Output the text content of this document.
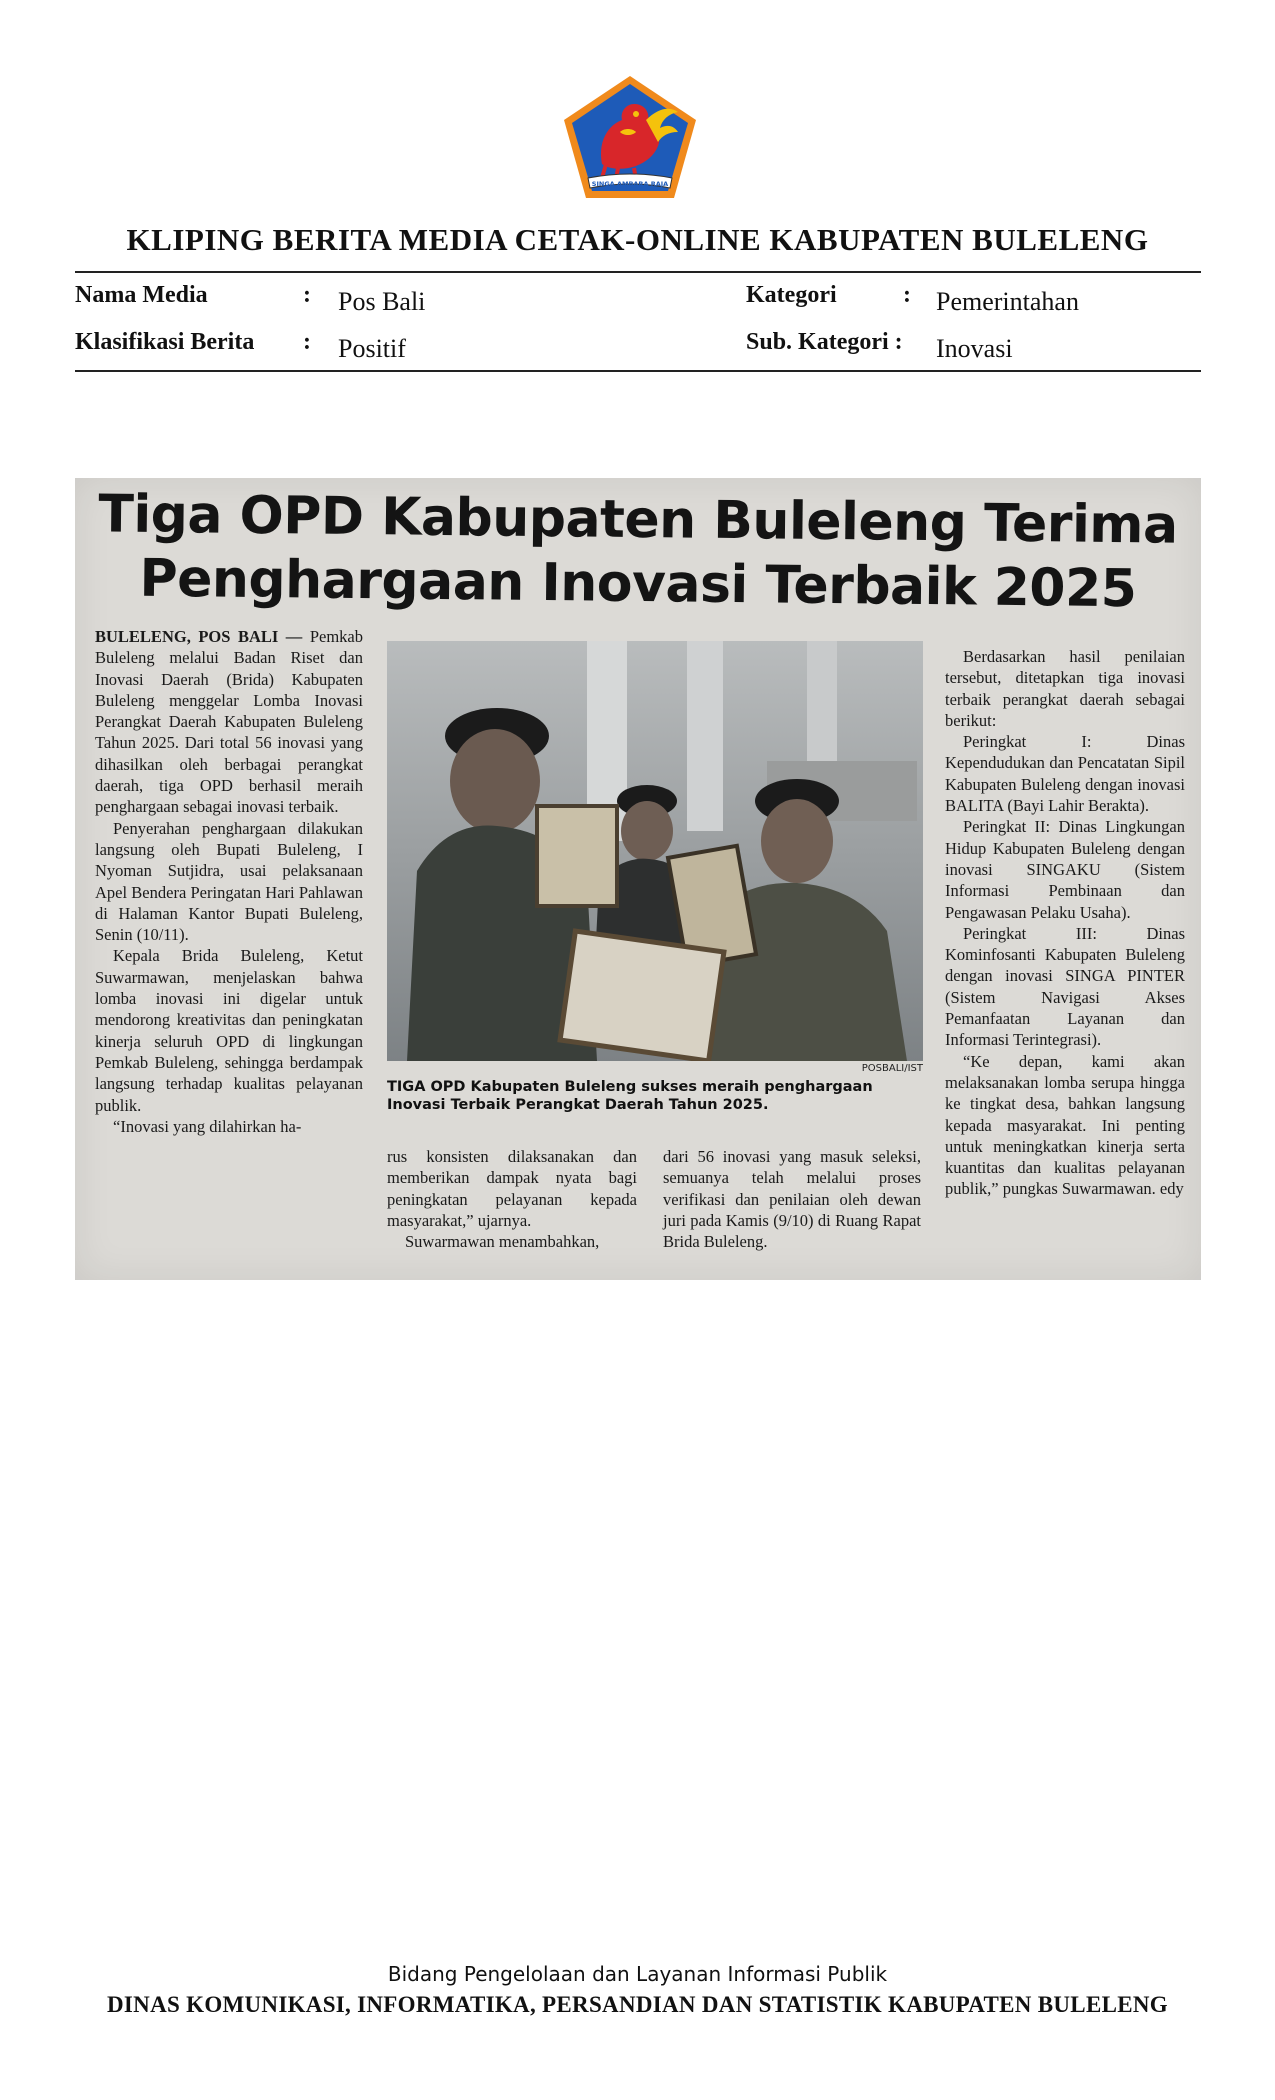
SINGA AMBARA RAJA
KLIPING BERITA MEDIA CETAK-ONLINE KABUPATEN BULELENG
Nama Media	: Pos Bali
Klasifikasi Berita : Positif
Kategori	: Pemerintahan
Sub. Kategori : Inovasi
Tiga OPD Kabupaten Buleleng Terima
Penghargaan Inovasi Terbaik 2025

BULELENG, POS BALI — Pemkab Buleleng melalui Badan Riset dan Inovasi Daerah (Brida) Kabupaten Buleleng menggelar Lomba Inovasi Perangkat Daerah Kabupaten Buleleng Tahun 2025. Dari total 56 inovasi yang dihasilkan oleh berbagai perangkat daerah, tiga OPD berhasil meraih penghargaan sebagai inovasi terbaik.

Penyerahan penghargaan dilakukan langsung oleh Bupati Buleleng, I Nyoman Sutjidra, usai pelaksanaan Apel Bendera Peringatan Hari Pahlawan di Halaman Kantor Bupati Buleleng, Senin (10/11).

Kepala Brida Buleleng, Ketut Suwarmawan, menjelaskan bahwa lomba inovasi ini digelar untuk mendorong kreativitas dan peningkatan kinerja seluruh OPD di lingkungan Pemkab Buleleng, sehingga berdampak langsung terhadap kualitas pelayanan publik.

“Inovasi yang dilahirkan ha-

POSBALI/IST
TIGA OPD Kabupaten Buleleng sukses meraih penghargaan Inovasi Terbaik Perangkat Daerah Tahun 2025.

rus konsisten dilaksanakan dan memberikan dampak nyata bagi peningkatan pelayanan kepada masyarakat,” ujarnya.

Suwarmawan menambahkan,

dari 56 inovasi yang masuk seleksi, semuanya telah melalui proses verifikasi dan penilaian oleh dewan juri pada Kamis (9/10) di Ruang Rapat Brida Buleleng.

Berdasarkan hasil penilaian tersebut, ditetapkan tiga inovasi terbaik perangkat daerah sebagai berikut:

Peringkat I: Dinas Kependudukan dan Pencatatan Sipil Kabupaten Buleleng dengan inovasi BALITA (Bayi Lahir Berakta).

Peringkat II: Dinas Lingkungan Hidup Kabupaten Buleleng dengan inovasi SINGAKU (Sistem Informasi Pembinaan dan Pengawasan Pelaku Usaha).

Peringkat III: Dinas Kominfosanti Kabupaten Buleleng dengan inovasi SINGA PINTER (Sistem Navigasi Akses Pemanfaatan Layanan dan Informasi Terintegrasi).

“Ke depan, kami akan melaksanakan lomba serupa hingga ke tingkat desa, bahkan langsung kepada masyarakat. Ini penting untuk meningkatkan kinerja serta kuantitas dan kualitas pelayanan publik,” pungkas Suwarmawan. edy

Bidang Pengelolaan dan Layanan Informasi Publik
DINAS KOMUNIKASI, INFORMATIKA, PERSANDIAN DAN STATISTIK KABUPATEN BULELENG
